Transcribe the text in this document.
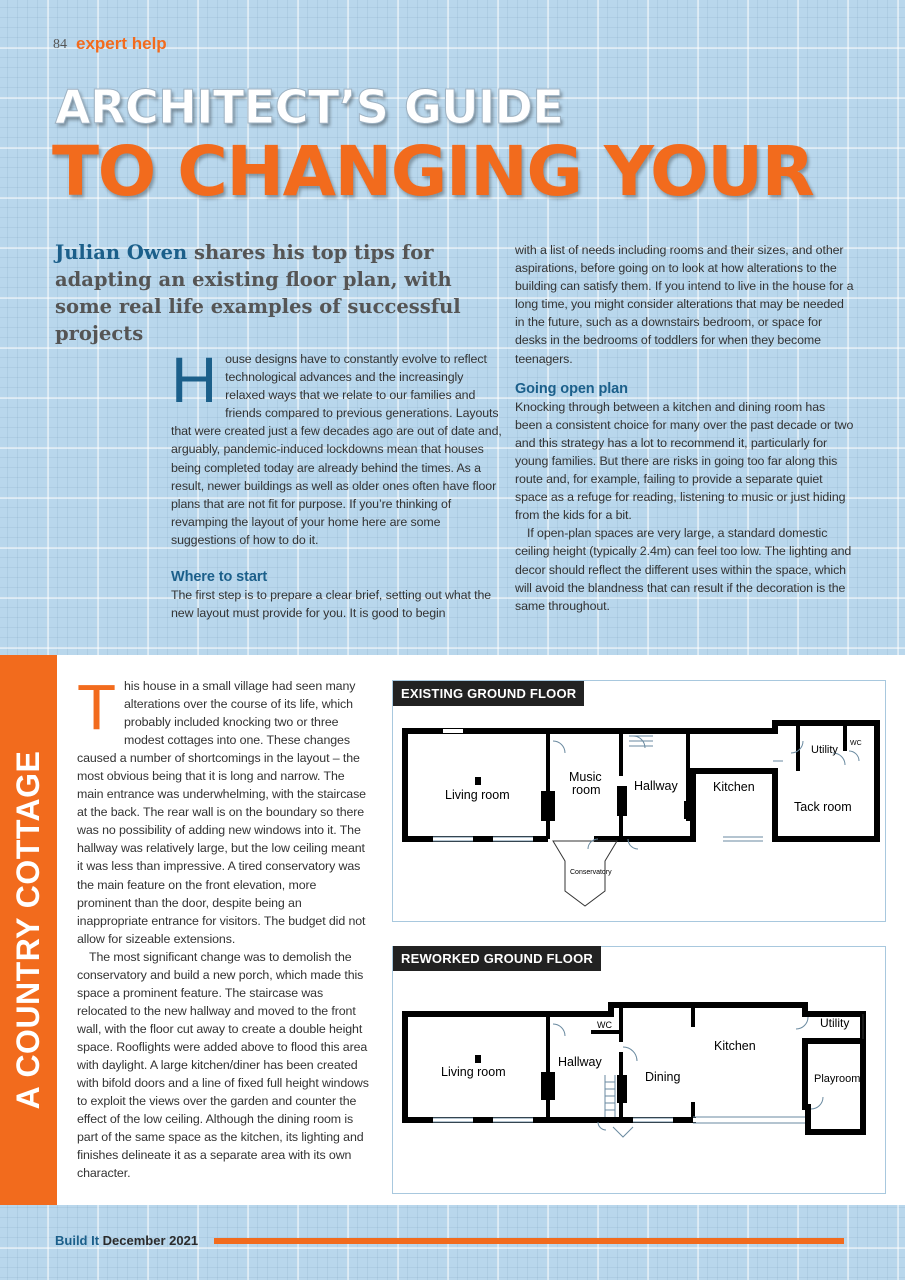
84 expert help
ARCHITECT’S GUIDE
TO CHANGING YOUR
Julian Owen shares his top tips for adapting an existing floor plan, with some real life examples of successful projects

House designs have to constantly evolve to reflect technological advances and the increasingly relaxed ways that we relate to our families and friends compared to previous generations. Layouts that were created just a few decades ago are out of date and, arguably, pandemic-induced lockdowns mean that houses being completed today are already behind the times. As a result, newer buildings as well as older ones often have floor plans that are not fit for purpose. If you’re thinking of revamping the layout of your home here are some suggestions of how to do it.

Where to start

The first step is to prepare a clear brief, setting out what the new layout must provide for you. It is good to begin

with a list of needs including rooms and their sizes, and other aspirations, before going on to look at how alterations to the building can satisfy them. If you intend to live in the house for a long time, you might consider alterations that may be needed in the future, such as a downstairs bedroom, or space for desks in the bedrooms of toddlers for when they become teenagers.

Going open plan

Knocking through between a kitchen and dining room has been a consistent choice for many over the past decade or two and this strategy has a lot to recommend it, particularly for young families. But there are risks in going too far along this route and, for example, failing to provide a separate quiet space as a refuge for reading, listening to music or just hiding from the kids for a bit.

If open-plan spaces are very large, a standard domestic ceiling height (typically 2.4m) can feel too low. The lighting and decor should reflect the different uses within the space, which will avoid the blandness that can result if the decoration is the same throughout.

A COUNTRY COTTAGE

This house in a small village had seen many alterations over the course of its life, which probably included knocking two or three modest cottages into one. These changes caused a number of shortcomings in the layout – the most obvious being that it is long and narrow. The main entrance was underwhelming, with the staircase at the back. The rear wall is on the boundary so there was no possibility of adding new windows into it. The hallway was relatively large, but the low ceiling meant it was less than impressive. A tired conservatory was the main feature on the front elevation, more prominent than the door, despite being an inappropriate entrance for visitors. The budget did not allow for sizeable extensions.

The most significant change was to demolish the conservatory and build a new porch, which made this space a prominent feature. The staircase was relocated to the new hallway and moved to the front wall, with the floor cut away to create a double height space. Rooflights were added above to flood this area with daylight. A large kitchen/diner has been created with bifold doors and a line of fixed full height windows to exploit the views over the garden and counter the effect of the low ceiling. Although the dining room is part of the same space as the kitchen, its lighting and finishes delineate it as a separate area with its own character.

EXISTING GROUND FLOOR
Living room
Music
room	Hallway	Kitchen
Utility
WC
Tack room
Conservatory
REWORKED GROUND FLOOR
Living room
Hallway
WC
Dining
Kitchen
Utility
Playroom
Build It December 2021
